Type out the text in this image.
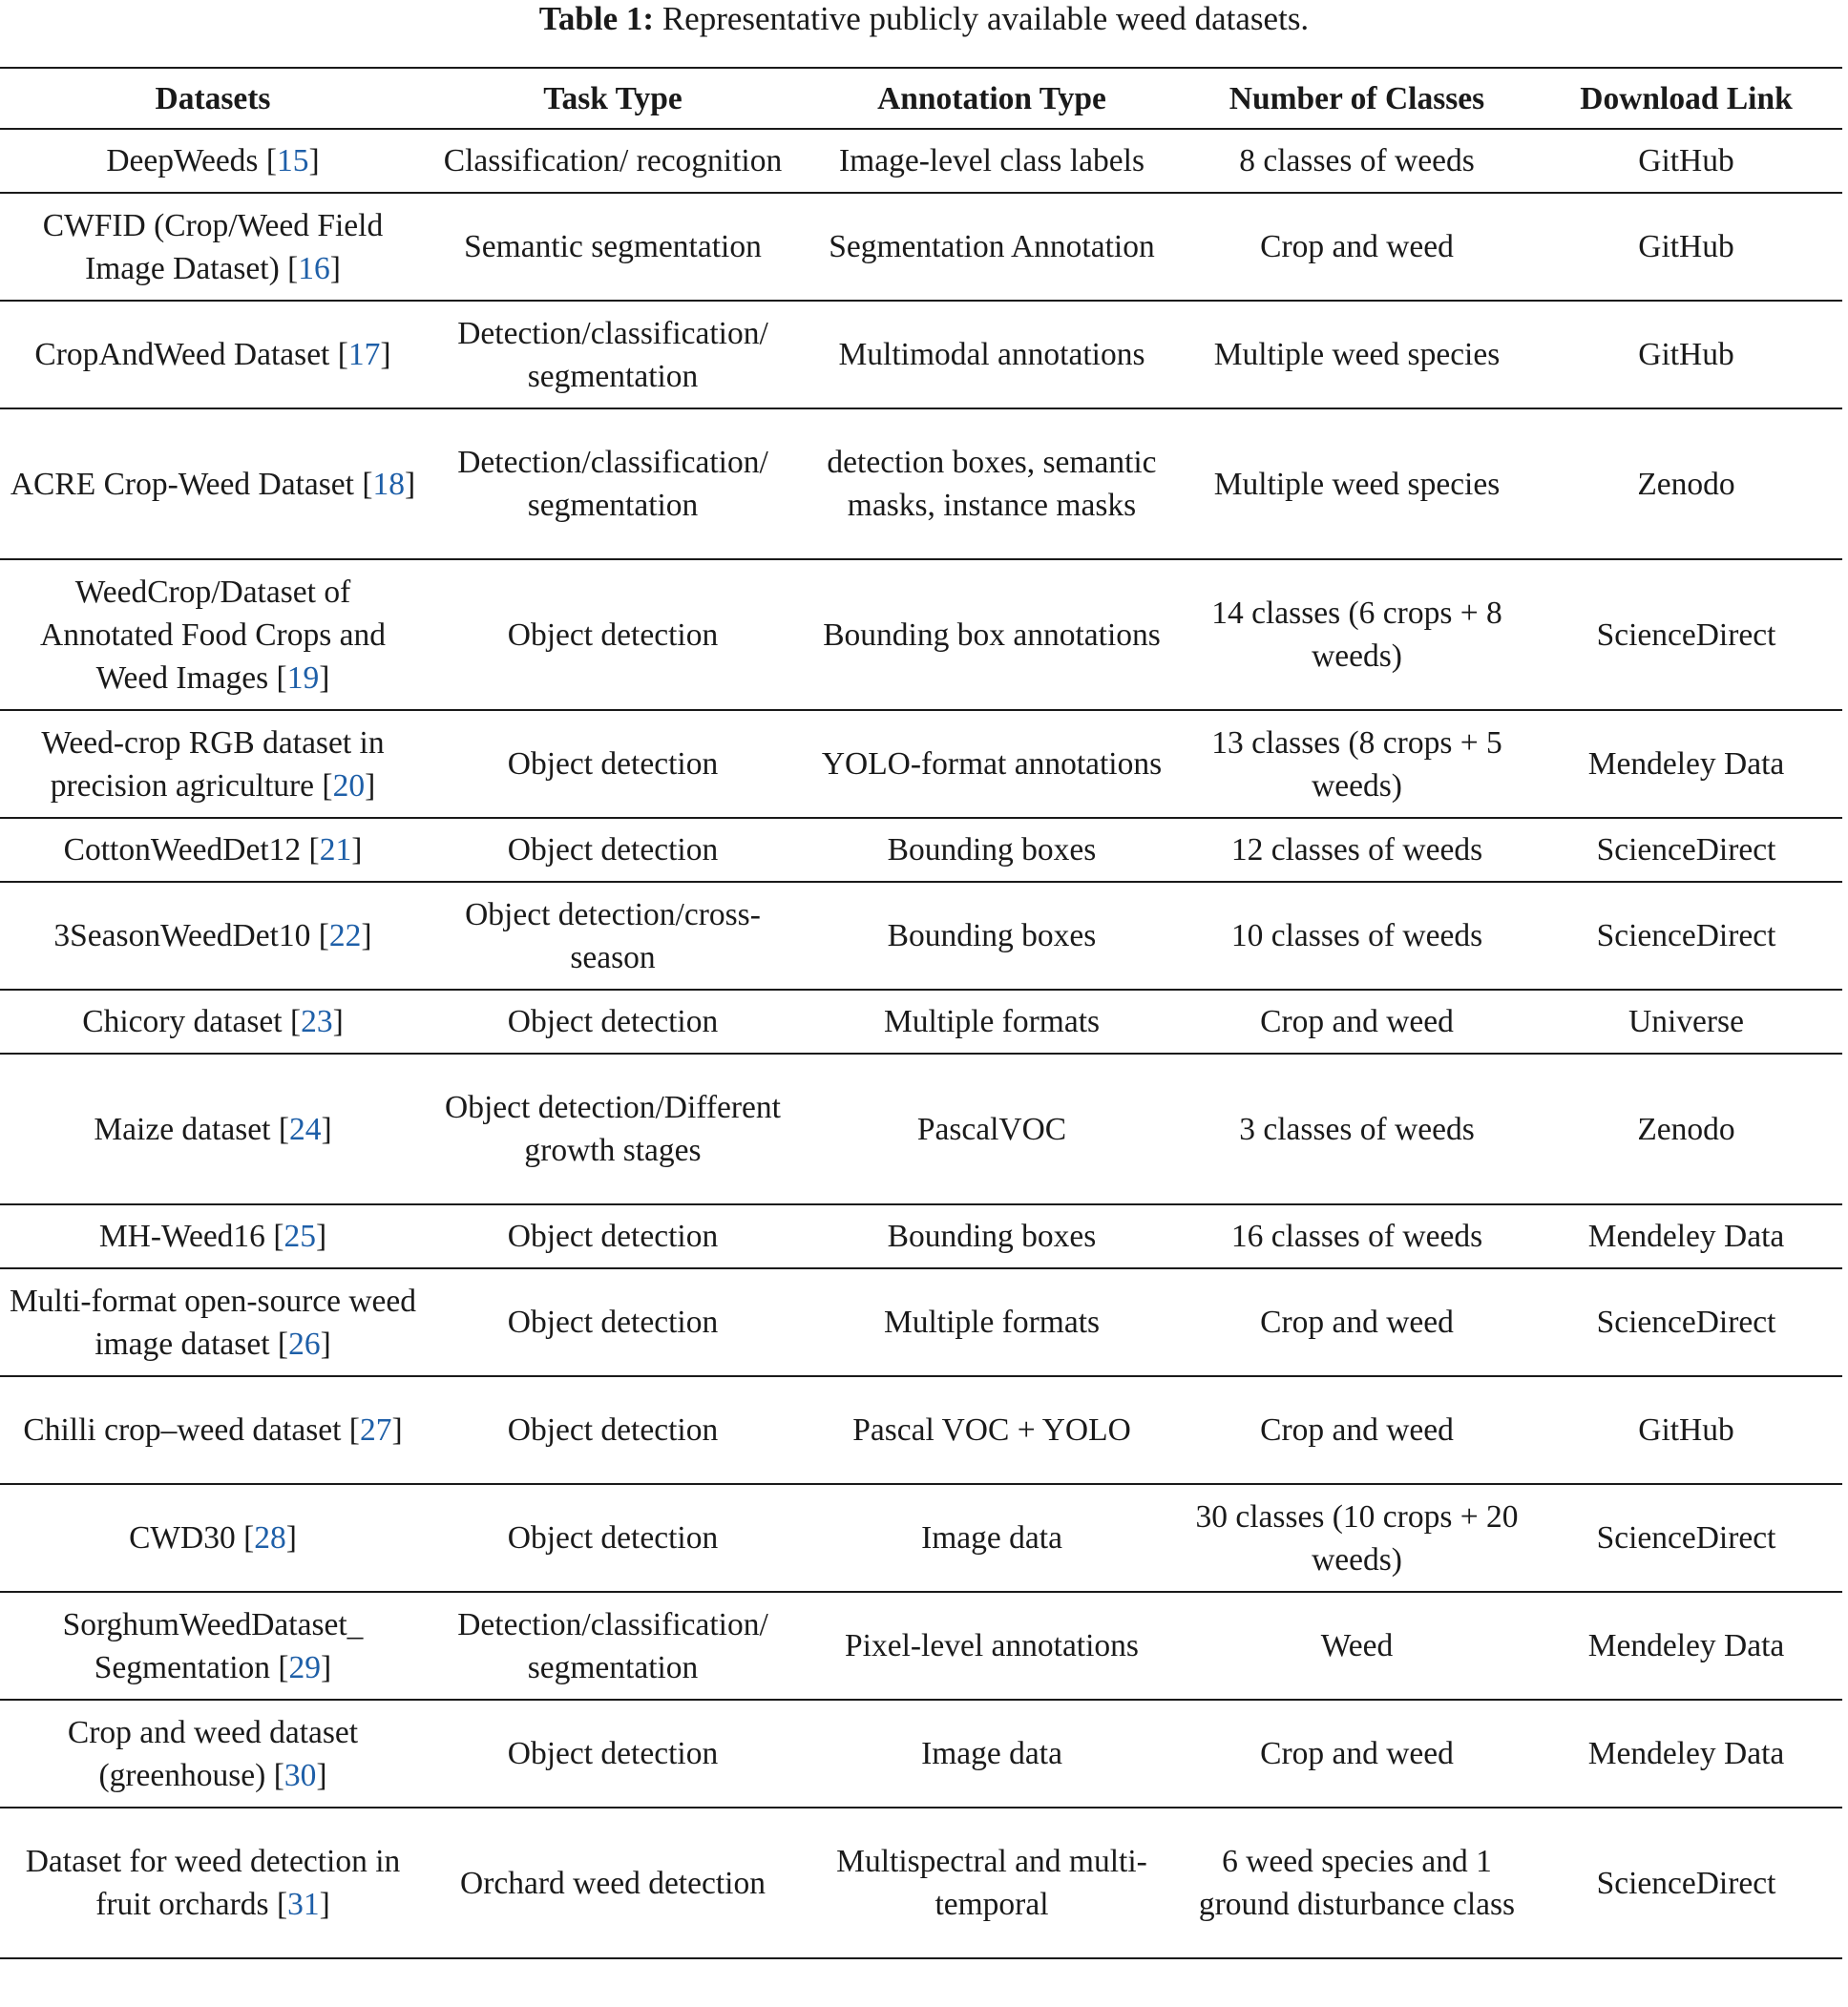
Table 1: Representative publicly available weed datasets.
Datasets	Task Type	Annotation Type	Number of Classes	Download Link
DeepWeeds [15]	Classification/ recognition	Image-level class labels	8 classes of weeds	GitHub
CWFID (Crop/Weed Field Image Dataset) [16]	Semantic segmentation	Segmentation Annotation	Crop and weed	GitHub
CropAndWeed Dataset [17]	Detection/classification/ segmentation	Multimodal annotations	Multiple weed species	GitHub
ACRE Crop-Weed Dataset [18]	Detection/classification/ segmentation	detection boxes, semantic masks, instance masks	Multiple weed species	Zenodo
WeedCrop/Dataset of Annotated Food Crops and Weed Images [19]	Object detection	Bounding box annotations	14 classes (6 crops + 8 weeds)	ScienceDirect
Weed-crop RGB dataset in precision agriculture [20]	Object detection	YOLO-format annotations	13 classes (8 crops + 5 weeds)	Mendeley Data
CottonWeedDet12 [21]	Object detection	Bounding boxes	12 classes of weeds	ScienceDirect
3SeasonWeedDet10 [22]	Object detection/cross-season	Bounding boxes	10 classes of weeds	ScienceDirect
Chicory dataset [23]	Object detection	Multiple formats	Crop and weed	Universe
Maize dataset [24]	Object detection/Different growth stages	PascalVOC	3 classes of weeds	Zenodo
MH-Weed16 [25]	Object detection	Bounding boxes	16 classes of weeds	Mendeley Data
Multi-format open-source weed image dataset [26]	Object detection	Multiple formats	Crop and weed	ScienceDirect
Chilli crop–weed dataset [27]	Object detection	Pascal VOC + YOLO	Crop and weed	GitHub
CWD30 [28]	Object detection	Image data	30 classes (10 crops + 20 weeds)	ScienceDirect
SorghumWeedDataset_ Segmentation [29]	Detection/classification/ segmentation	Pixel-level annotations	Weed	Mendeley Data
Crop and weed dataset (greenhouse) [30]	Object detection	Image data	Crop and weed	Mendeley Data
Dataset for weed detection in fruit orchards [31]	Orchard weed detection	Multispectral and multi-temporal	6 weed species and 1 ground disturbance class	ScienceDirect
